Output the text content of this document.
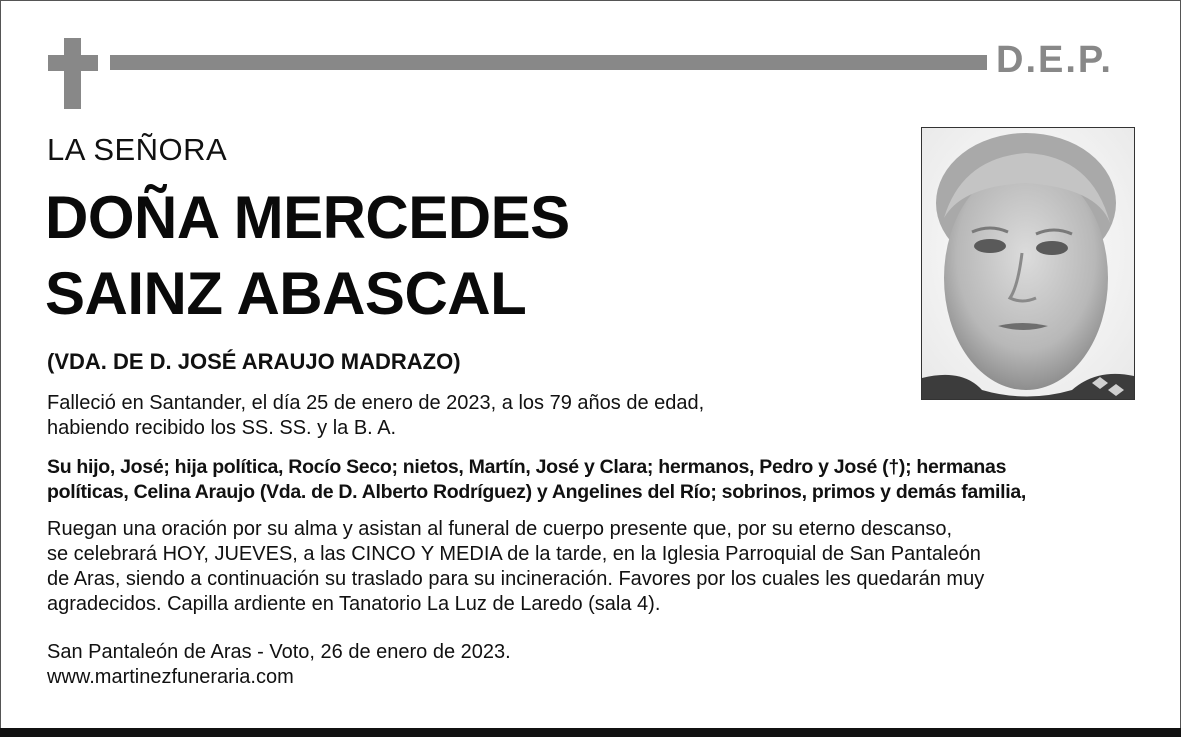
D.E.P.
LA SEÑORA
DOÑA MERCEDES
SAINZ ABASCAL
(VDA. DE D. JOSÉ ARAUJO MADRAZO)
Falleció en Santander, el día 25 de enero de 2023, a los 79 años de edad,
habiendo recibido los SS. SS. y la B. A.
Su hijo, José; hija política, Rocío Seco; nietos, Martín, José y Clara; hermanos, Pedro y José (†); hermanas
políticas, Celina Araujo (Vda. de D. Alberto Rodríguez) y Angelines del Río; sobrinos, primos y demás familia,
Ruegan una oración por su alma y asistan al funeral de cuerpo presente que, por su eterno descanso,
se celebrará HOY, JUEVES, a las CINCO Y MEDIA de la tarde, en la Iglesia Parroquial de San Pantaleón
de Aras, siendo a continuación su traslado para su incineración. Favores por los cuales les quedarán muy
agradecidos. Capilla ardiente en Tanatorio La Luz de Laredo (sala 4).
San Pantaleón de Aras - Voto, 26 de enero de 2023.
www.martinezfuneraria.com
